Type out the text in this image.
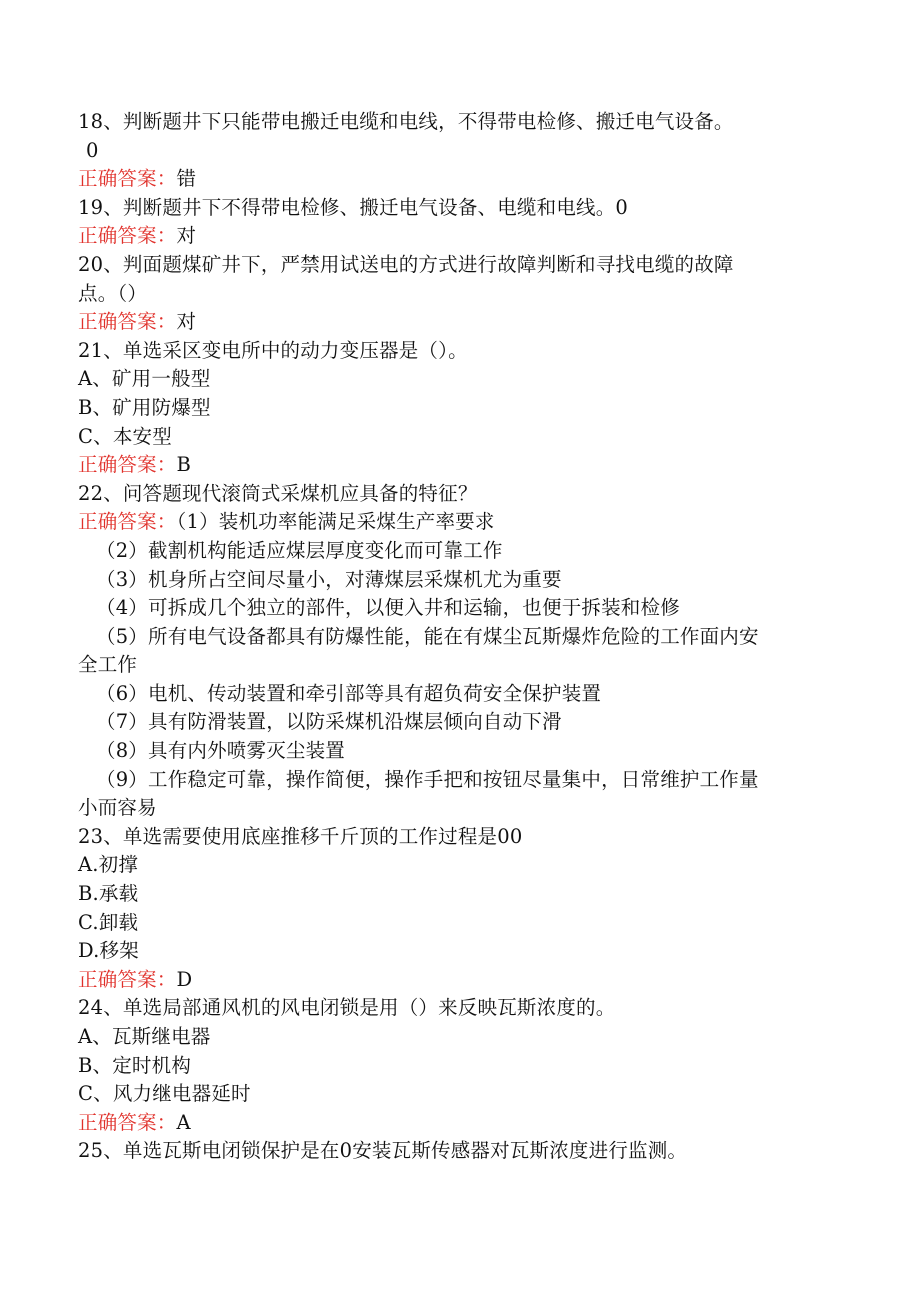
18、判断题井下只能带电搬迁电缆和电线，不得带电检修、搬迁电气设备。
0
正确答案：错
19、判断题井下不得带电检修、搬迁电气设备、电缆和电线。0
正确答案：对
20、判面题煤矿井下，严禁用试送电的方式进行故障判断和寻找电缆的故障
点。（）
正确答案：对
21、单选采区变电所中的动力变压器是（）。
A、矿用一般型
B、矿用防爆型
C、本安型
正确答案：B
22、问答题现代滚筒式采煤机应具备的特征？
正确答案：（1）装机功率能满足采煤生产率要求
（2）截割机构能适应煤层厚度变化而可靠工作
（3）机身所占空间尽量小，对薄煤层采煤机尤为重要
（4）可拆成几个独立的部件，以便入井和运输，也便于拆装和检修
（5）所有电气设备都具有防爆性能，能在有煤尘瓦斯爆炸危险的工作面内安
全工作
（6）电机、传动装置和牵引部等具有超负荷安全保护装置
（7）具有防滑装置，以防采煤机沿煤层倾向自动下滑
（8）具有内外喷雾灭尘装置
（9）工作稳定可靠，操作简便，操作手把和按钮尽量集中，日常维护工作量
小而容易
23、单选需要使用底座推移千斤顶的工作过程是00
A.初撑
B.承载
C.卸载
D.移架
正确答案：D
24、单选局部通风机的风电闭锁是用（）来反映瓦斯浓度的。
A、瓦斯继电器
B、定时机构
C、风力继电器延时
正确答案：A
25、单选瓦斯电闭锁保护是在0安装瓦斯传感器对瓦斯浓度进行监测。
